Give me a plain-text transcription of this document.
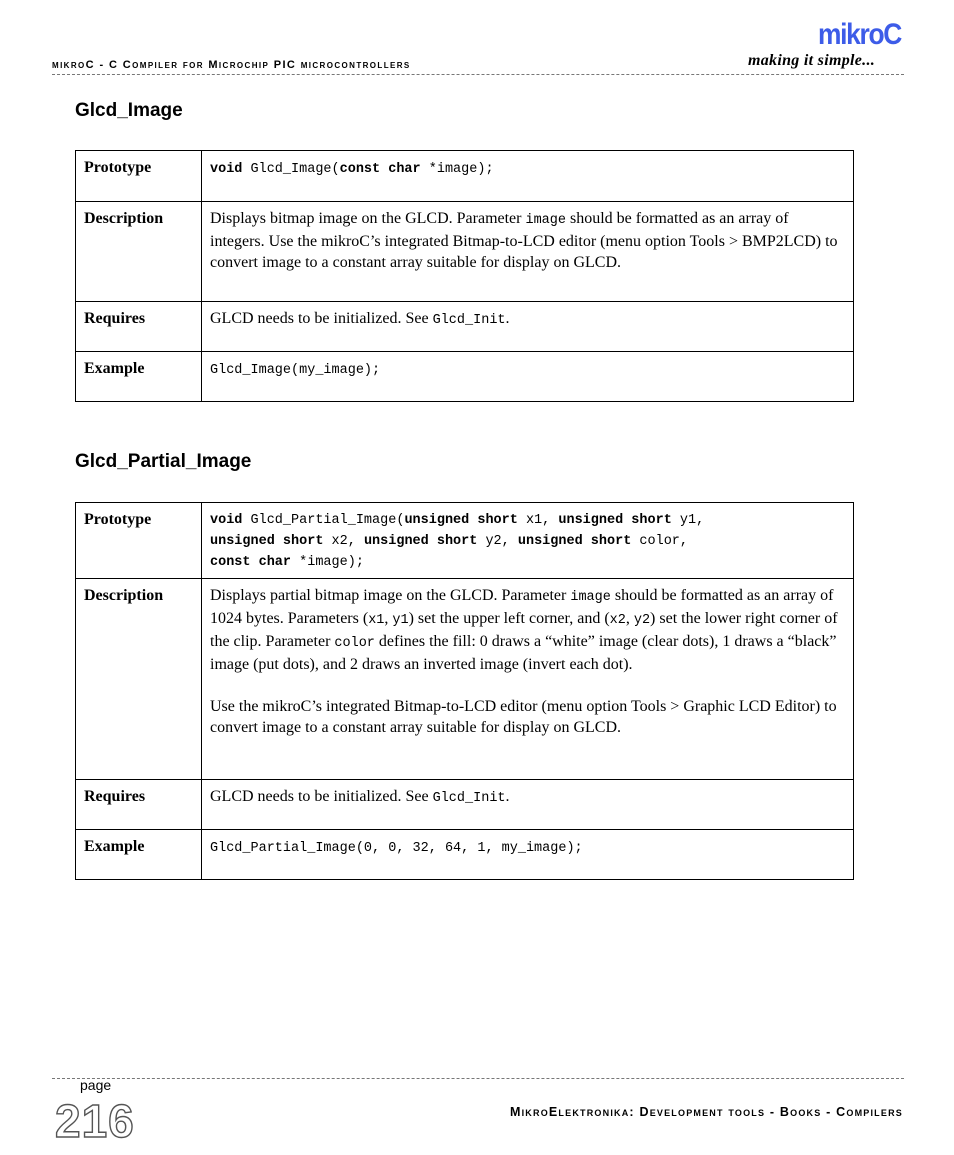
mikroC
mikroC - C Compiler for Microchip PIC microcontrollers	making it simple...
Glcd_Image
Prototype	void Glcd_Image(const char *image);
Description	Displays bitmap image on the GLCD. Parameter image should be formatted as an array of integers. Use the mikroC’s integrated Bitmap-to-LCD editor (menu option Tools > BMP2LCD) to convert image to a constant array suitable for display on GLCD.
Requires	GLCD needs to be initialized. See Glcd_Init.
Example	Glcd_Image(my_image);
Glcd_Partial_Image
Prototype	void Glcd_Partial_Image(unsigned short x1, unsigned short y1,
unsigned short x2, unsigned short y2, unsigned short color,
const char *image);
Description	Displays partial bitmap image on the GLCD. Parameter image should be formatted as an array of 1024 bytes. Parameters (x1, y1) set the upper left corner, and (x2, y2) set the lower right corner of the clip. Parameter color defines the fill: 0 draws a “white” image (clear dots), 1 draws a “black” image (put dots), and 2 draws an inverted image (invert each dot).

Use the mikroC’s integrated Bitmap-to-LCD editor (menu option Tools > Graphic LCD Editor) to convert image to a constant array suitable for display on GLCD.

Requires	GLCD needs to be initialized. See Glcd_Init.
Example	Glcd_Partial_Image(0, 0, 32, 64, 1, my_image);
page
216	MikroElektronika: Development tools - Books - Compilers
